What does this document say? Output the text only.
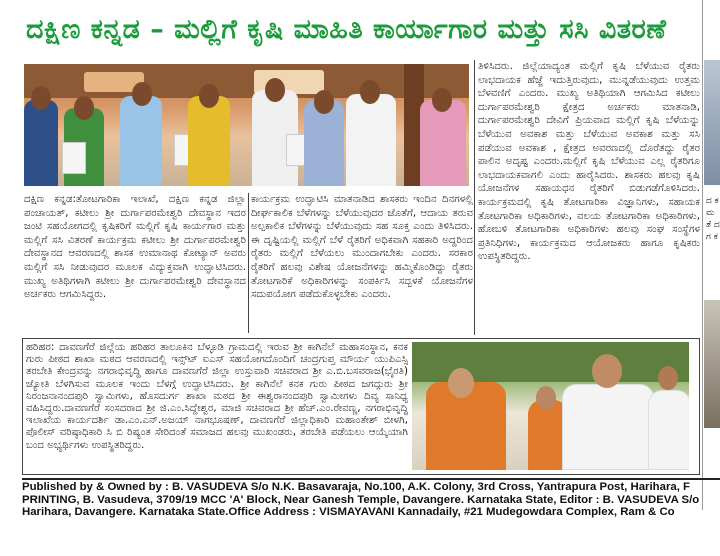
ದಕ್ಷಿಣ ಕನ್ನಡ – ಮಲ್ಲಿಗೆ ಕೃಷಿ ಮಾಹಿತಿ ಕಾರ್ಯಾಗಾರ ಮತ್ತು ಸಸಿ ವಿತರಣೆ
ದ ಕ ಮ ತೆ ದ ಗ ಕ
ದಕ್ಷಿಣ ಕನ್ನಡ:ತೋಟಗಾರಿಕಾ ಇಲಾಖೆ, ದಕ್ಷಿಣ ಕನ್ನಡ ಜಿಲ್ಲಾ ಪಂಚಾಯತ್, ಕಟೀಲು ಶ್ರೀ ದುರ್ಗಾಪರಮೇಶ್ವರಿ ದೇವಸ್ಥಾನ ಇದರ ಜಂಟಿ ಸಹಯೋಗದಲ್ಲಿ ಕೃಷಿಕರಿಗೆ ಮಲ್ಲಿಗೆ ಕೃಷಿ ಕಾರ್ಯಗಾರ ಮತ್ತು ಮಲ್ಲಿಗೆ ಸಸಿ ವಿತರಣೆ ಕಾರ್ಯಕ್ರಮ ಕಟೀಲು ಶ್ರೀ ದುರ್ಗಾಪರಮೇಶ್ವರಿ ದೇವಸ್ಥಾನದ ಆವರಣದಲ್ಲಿ ಶಾಸಕ ಉಮಾನಾಥ ಕೋಟ್ಯಾನ್ ಅವರು ಮಲ್ಲಿಗೆ ಸಸಿ ನೀಡುವುದರ ಮೂಲಕ ವಿದ್ಯುಕ್ತವಾಗಿ ಉದ್ಘಾಟಿಸಿದರು. ಮುಖ್ಯ ಅತಿಥಿಗಳಾಗಿ ಕಟೀಲು ಶ್ರೀ ದುರ್ಗಾಪರಮೇಶ್ವರಿ ದೇವಸ್ಥಾನದ ಅರ್ಚಕರು ಆಗಮಿಸಿದ್ದರು.
ಕಾರ್ಯಕ್ರಮ ಉದ್ಘಾಟಿಸಿ ಮಾತನಾಡಿದ ಶಾಸಕರು ಇಂದಿನ ದಿನಗಳಲ್ಲಿ ದೀರ್ಘಕಾಲಿಕ ಬೆಳೆಗಳನ್ನು ಬೆಳೆಯುವುದರ ಜೊತೆಗೆ, ಆದಾಯ ತರುವ ಅಲ್ಪಕಾಲಿಕ ಬೆಳೆಗಳನ್ನು ಬೆಳೆಯುವುದು ಸಹ ಸೂಕ್ತ ಎಂದು ತಿಳಿಸಿದರು. ಈ ದೃಷ್ಟಿಯಲ್ಲಿ ಮಲ್ಲಿಗೆ ಬೆಳೆ ರೈತರಿಗೆ ಅಧಿಕವಾಗಿ ಸಹಕಾರಿ ಅದ್ದರಿಂದ ರೈತರು ಮಲ್ಲಿಗೆ ಬೆಳೆಯಲು ಮುಂದಾಗಬೇಕು ಎಂದರು. ಸರಕಾರ ರೈತರಿಗೆ ಹಲವು ವಿಶೇಷ ಯೋಜನೆಗಳನ್ನು ಹಮ್ಮಿಕೊಂಡಿದ್ದು ರೈತರು ತೋಟಗಾರಿಕೆ ಅಧಿಕಾರಿಗಳನ್ನು ಸಂಪರ್ಕಿಸಿ ಸದ್ಬಳಕೆ ಯೋಜನೆಗಳ ಸದುಪಯೋಗ ಪಡೆದುಕೊಳ್ಳಬೇಕು ಎಂದರು.
ತಿಳಿಸಿದರು. ಜಿಲ್ಲೆಯಾದ್ಯಂತ ಮಲ್ಲಿಗೆ ಕೃಷಿ ಬೆಳೆಯುವ ರೈತರು ಲಾಭದಾಯಕ ಹೆಜ್ಜೆ ಇದುತ್ತಿರುವುದು, ಮುನ್ನಡೆಯುವುದು ಉತ್ತಮ ಬೆಳವಣಿಗೆ ಎಂದರು. ಮುಖ್ಯ ಅತಿಥಿಯಾಗಿ ಆಗಮಿಸಿದ ಕಟೀಲು ದುರ್ಗಾಪರಮೇಶ್ವರಿ ಕ್ಷೇತ್ರದ ಅರ್ಚಕರು ಮಾತನಾಡಿ, ದುರ್ಗಾಪರಮೇಶ್ವರಿ ದೇವಿಗೆ ಪ್ರಿಯವಾದ ಮಲ್ಲಿಗೆ ಕೃಷಿ ಬೆಳೆಯನ್ನು ಬೆಳೆಯುವ ಅವಕಾಶ ಮತ್ತು ಬೆಳೆಯುವ ಅವಕಾಶ ಮತ್ತು ಸಸಿ ಪಡೆಯುವ ಅವಕಾಶ , ಕ್ಷೇತ್ರದ ಅವರಣದಲ್ಲಿ ದೊರೆತದ್ದು ರೈತರ ಪಾಲಿನ ಅದೃಷ್ಟ ಎಂದರು.ಮಲ್ಲಿಗೆ ಕೃಷಿ ಬೆಳೆಯುವ ಎಲ್ಲ ರೈತರಿಗೂ ಲಾಭದಾಯಕವಾಗಲಿ ಎಂದು ಹಾರೈಸಿದರು. ಶಾಸಕರು ಹಲವು ಕೃಷಿ ಯೋಜನೆಗಳ ಸಹಾಯಧನ ರೈತರಿಗೆ ಬಿಡುಗಡೆಗೊಳಿಸಿದರು. ಕಾರ್ಯಕ್ರಮದಲ್ಲಿ ಕೃಷಿ ತೋಟಗಾರಿಕಾ ವಿಜ್ಞಾನಿಗಳು, ಸಹಾಯಕ ತೋಟಗಾರಿಕಾ ಅಧಿಕಾರಿಗಳು, ವಲಯ ತೋಟಗಾರಿಕಾ ಅಧಿಕಾರಿಗಳು, ಹೋಬಳಿ ತೋಟಗಾರಿಕಾ ಅಧಿಕಾರಿಗಳು ಹಲವು ಸಂಘ ಸಂಸ್ಥೆಗಳ ಪ್ರತಿನಿಧಿಗಳು, ಕಾರ್ಯಕ್ರಮದ ಆಯೋಜಕರು ಹಾಗೂ ಕೃಷಿಕರು ಉಪಸ್ಥಿತರಿದ್ದರು.
ಹರಿಹರ: ದಾವಣಗೆರೆ ಜಿಲ್ಲೆಯ ಹರಿಹರ ತಾಲೂಕಿನ ಬೆಳ್ಳೂಡಿ ಗ್ರಾಮದಲ್ಲಿ ಇರುವ ಶ್ರೀ ಕಾಗಿನೆಲೆ ಮಹಾಸಂಸ್ಥಾನ, ಕನಕ ಗುರು ಪೀಠದ ಶಾಖಾ ಮಠದ ಆವರಣದಲ್ಲಿ ಇನ್ಸ್‌ಟ್ ಐಎಸ್ ಸಹಯೋಗದೊಂದಿಗೆ ಚಂದ್ರಗುಪ್ತ ಮೌರ್ಯ ಯುಪಿಎಸ್ಸಿ ತರಬೇತಿ ಕೇಂದ್ರವನ್ನು ನಗರಾಭಿವೃದ್ಧಿ ಹಾಗೂ ದಾವಣಗೆರೆ ಜಿಲ್ಲಾ ಉಸ್ತುವಾರಿ ಸಚಿವರಾದ ಶ್ರೀ ಎ.ಬಿ.ಬಸವರಾಜ(ಭೈರತಿ) ಜ್ಯೋತಿ ಬೆಳಗಿಸುವ ಮೂಲಕ ಇಂದು ಬೆಳಗ್ಗೆ ಉದ್ಘಾಟಿಸಿದರು. ಶ್ರೀ ಕಾಗಿನೆಲೆ ಕನಕ ಗುರು ಪೀಠದ ಜಗದ್ಗುರು ಶ್ರೀ ನಿರಂಜನಾನಂದಪುರಿ ಸ್ವಾಮಿಗಳು, ಹೊಸದುರ್ಗ ಶಾಖಾ ಮಠದ ಶ್ರೀ ಈಶ್ವರಾನಂದಪುರಿ ಸ್ವಾಮೀಗಳು ದಿವ್ಯ ಸಾನಿಧ್ಯ ವಹಿಸಿದ್ದರು.ದಾವಣಗೆರೆ ಸಂಸದರಾದ ಶ್ರೀ ಜಿ.ಎಂ.ಸಿದ್ದೇಶ್ವರ, ಮಾಜಿ ಸಚಿವರಾದ ಶ್ರೀ ಹೆಚ್.ಎಂ.ರೇವಣ್ಣ, ನಗರಾಭಿವೃದ್ಧಿ ಇಲಾಖೆಯ ಕಾರ್ಯದರ್ಶಿ ಡಾ.ಎಂ.ಎನ್.ಅಜಯ್ ನಾಗಭೂಷಣ್, ದಾವಣಗೆರೆ ಜಿಲ್ಲಾಧಿಕಾರಿ ಮಹಾಂತೇಶ್ ಬೀಳಗಿ, ಪೊಲೀಸ್ ವರಿಷ್ಠಾಧಿಕಾರಿ ಸಿ ಬಿ ರಿಷ್ಯಂತ ಸೇರಿದಂತೆ ಸಮಾಜದ ಹಲವು ಮುಖಂಡರು, ತರಬೇತಿ ಪಡೆಯಲು ಆಯ್ಕೆಯಾಗಿ ಬಂದ ಅಭ್ಯರ್ಥಿಗಳು ಉಪಸ್ಥಿತರಿದ್ದರು.
Published by & Owned by : B. VASUDEVA S/o N.K. Basavaraja, No.100, A.K. Colony, 3rd Cross, Yantrapura Post, Harihara, F
PRINTING, B. Vasudeva, 3709/19 MCC 'A' Block, Near Ganesh Temple, Davangere. Karnataka State, Editor : B. VASUDEVA S/o
Harihara, Davangere. Karnataka State.Office Address : VISMAYAVANI Kannadaily, #21 Mudegowdara Complex, Ram & Co
